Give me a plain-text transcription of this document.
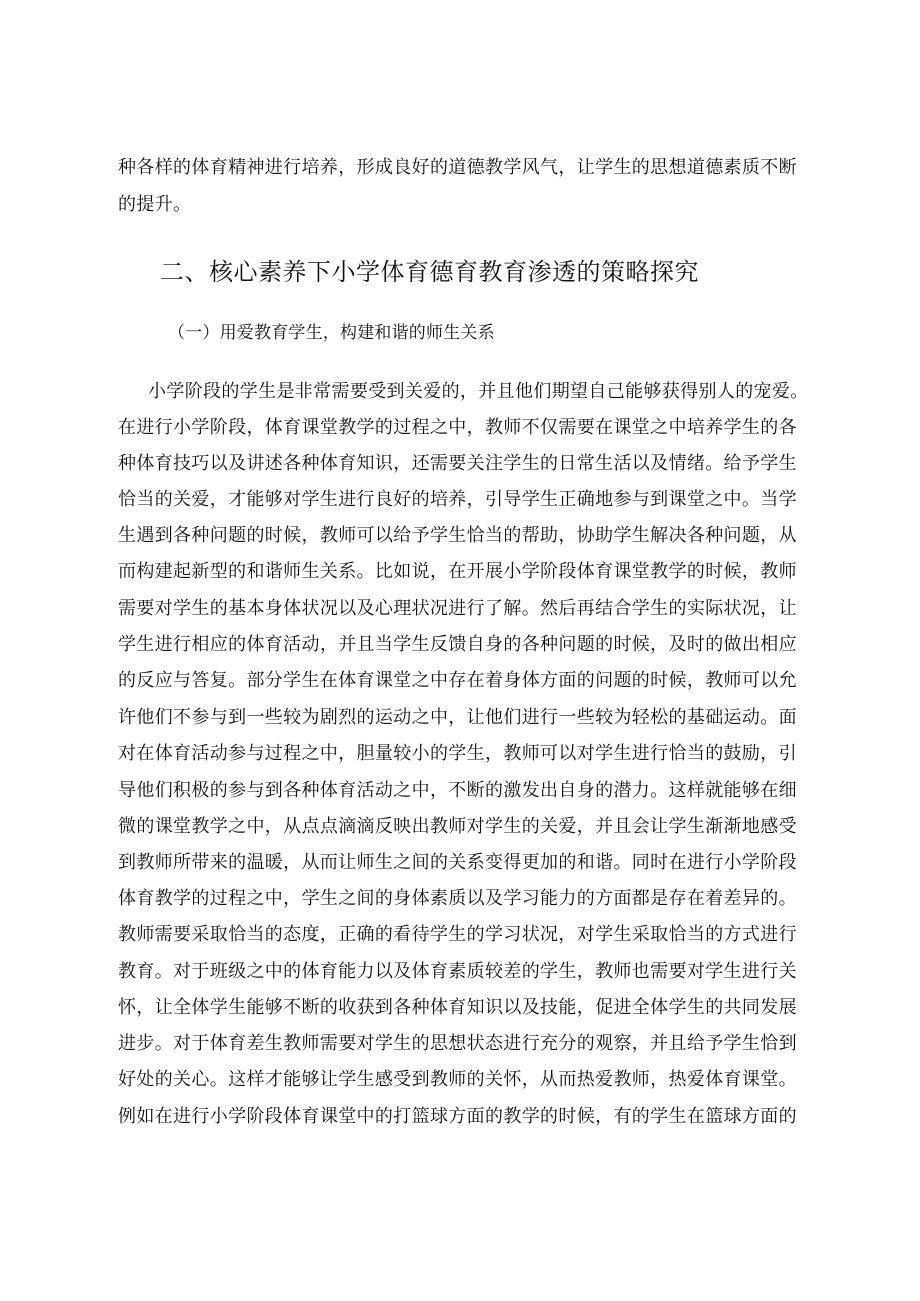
种各样的体育精神进行培养，形成良好的道德教学风气，让学生的思想道德素质不断
的提升。
二、核心素养下小学体育德育教育渗透的策略探究
（一）用爱教育学生，构建和谐的师生关系
小学阶段的学生是非常需要受到关爱的，并且他们期望自己能够获得别人的宠爱。
在进行小学阶段，体育课堂教学的过程之中，教师不仅需要在课堂之中培养学生的各
种体育技巧以及讲述各种体育知识，还需要关注学生的日常生活以及情绪。给予学生
恰当的关爱，才能够对学生进行良好的培养，引导学生正确地参与到课堂之中。当学
生遇到各种问题的时候，教师可以给予学生恰当的帮助，协助学生解决各种问题，从
而构建起新型的和谐师生关系。比如说，在开展小学阶段体育课堂教学的时候，教师
需要对学生的基本身体状况以及心理状况进行了解。然后再结合学生的实际状况，让
学生进行相应的体育活动，并且当学生反馈自身的各种问题的时候，及时的做出相应
的反应与答复。部分学生在体育课堂之中存在着身体方面的问题的时候，教师可以允
许他们不参与到一些较为剧烈的运动之中，让他们进行一些较为轻松的基础运动。面
对在体育活动参与过程之中，胆量较小的学生，教师可以对学生进行恰当的鼓励，引
导他们积极的参与到各种体育活动之中，不断的激发出自身的潜力。这样就能够在细
微的课堂教学之中，从点点滴滴反映出教师对学生的关爱，并且会让学生渐渐地感受
到教师所带来的温暖，从而让师生之间的关系变得更加的和谐。同时在进行小学阶段
体育教学的过程之中，学生之间的身体素质以及学习能力的方面都是存在着差异的。
教师需要采取恰当的态度，正确的看待学生的学习状况，对学生采取恰当的方式进行
教育。对于班级之中的体育能力以及体育素质较差的学生，教师也需要对学生进行关
怀，让全体学生能够不断的收获到各种体育知识以及技能，促进全体学生的共同发展
进步。对于体育差生教师需要对学生的思想状态进行充分的观察，并且给予学生恰到
好处的关心。这样才能够让学生感受到教师的关怀，从而热爱教师，热爱体育课堂。
例如在进行小学阶段体育课堂中的打篮球方面的教学的时候，有的学生在篮球方面的
